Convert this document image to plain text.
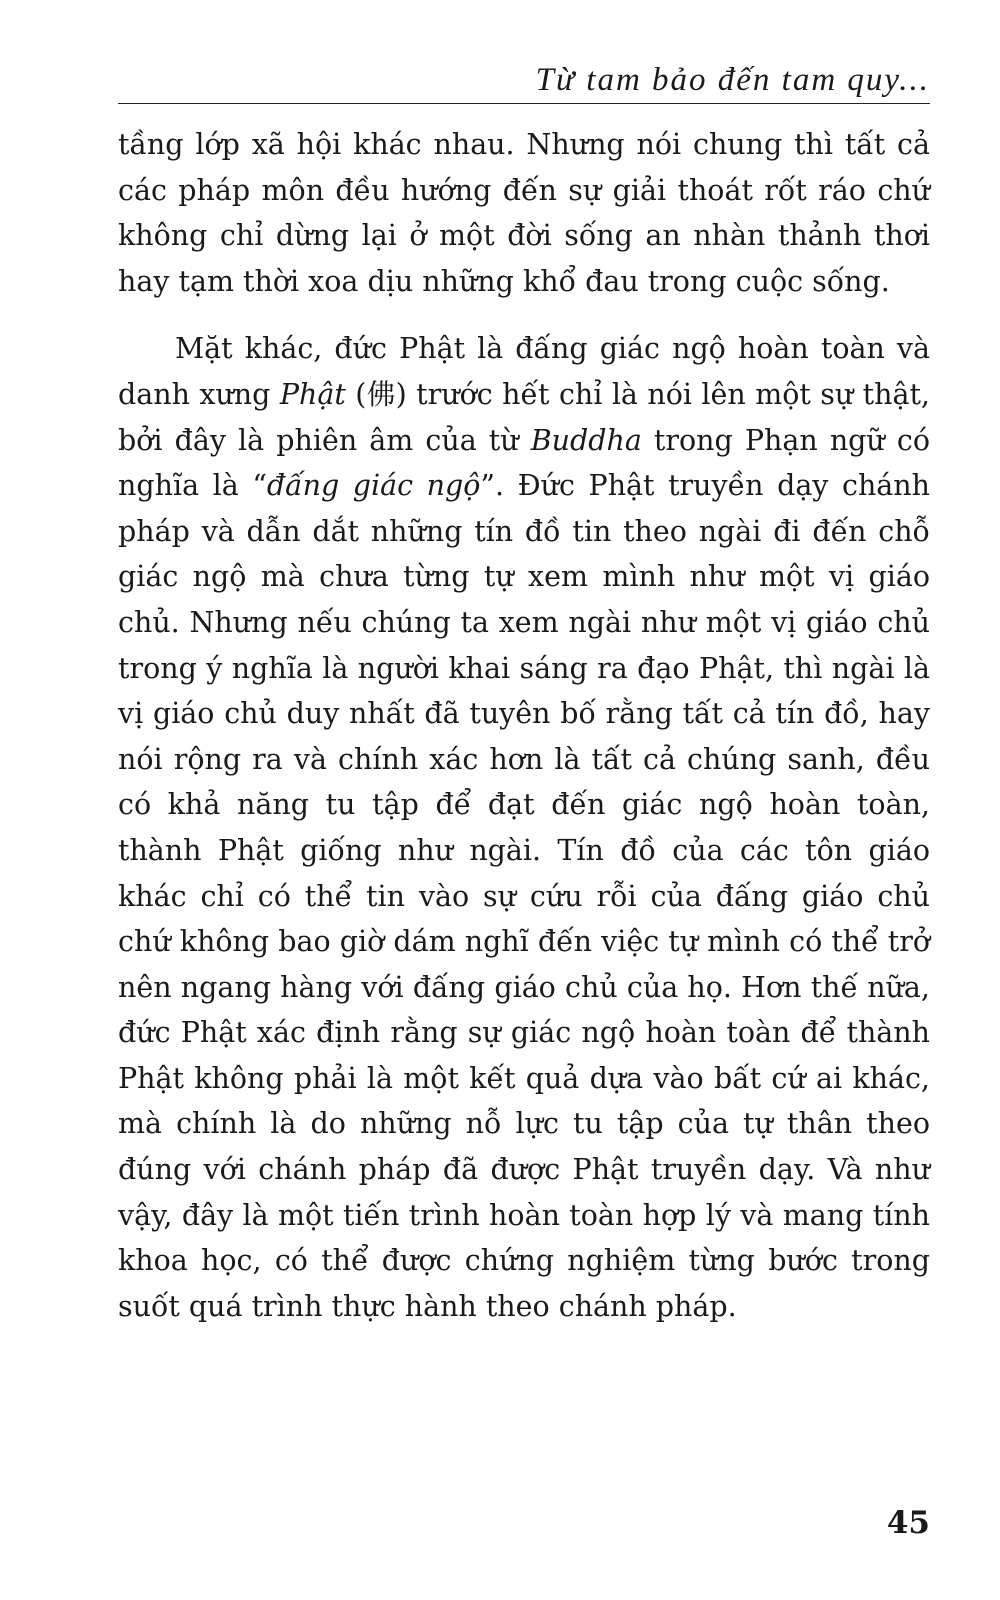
Từ tam bảo đến tam quy...

tầng lớp xã hội khác nhau. Nhưng nói chung thì tất cả các pháp môn đều hướng đến sự giải thoát rốt ráo chứ không chỉ dừng lại ở một đời sống an nhàn thảnh thơi hay tạm thời xoa dịu những khổ đau trong cuộc sống.

Mặt khác, đức Phật là đấng giác ngộ hoàn toàn và danh xưng Phật (佛) trước hết chỉ là nói lên một sự thật, bởi đây là phiên âm của từ Buddha trong Phạn ngữ có nghĩa là “đấng giác ngộ”. Đức Phật truyền dạy chánh pháp và dẫn dắt những tín đồ tin theo ngài đi đến chỗ giác ngộ mà chưa từng tự xem mình như một vị giáo chủ. Nhưng nếu chúng ta xem ngài như một vị giáo chủ trong ý nghĩa là người khai sáng ra đạo Phật, thì ngài là vị giáo chủ duy nhất đã tuyên bố rằng tất cả tín đồ, hay nói rộng ra và chính xác hơn là tất cả chúng sanh, đều có khả năng tu tập để đạt đến giác ngộ hoàn toàn, thành Phật giống như ngài. Tín đồ của các tôn giáo khác chỉ có thể tin vào sự cứu rỗi của đấng giáo chủ chứ không bao giờ dám nghĩ đến việc tự mình có thể trở nên ngang hàng với đấng giáo chủ của họ. Hơn thế nữa, đức Phật xác định rằng sự giác ngộ hoàn toàn để thành Phật không phải là một kết quả dựa vào bất cứ ai khác, mà chính là do những nỗ lực tu tập của tự thân theo đúng với chánh pháp đã được Phật truyền dạy. Và như vậy, đây là một tiến trình hoàn toàn hợp lý và mang tính khoa học, có thể được chứng nghiệm từng bước trong suốt quá trình thực hành theo chánh pháp.

45
